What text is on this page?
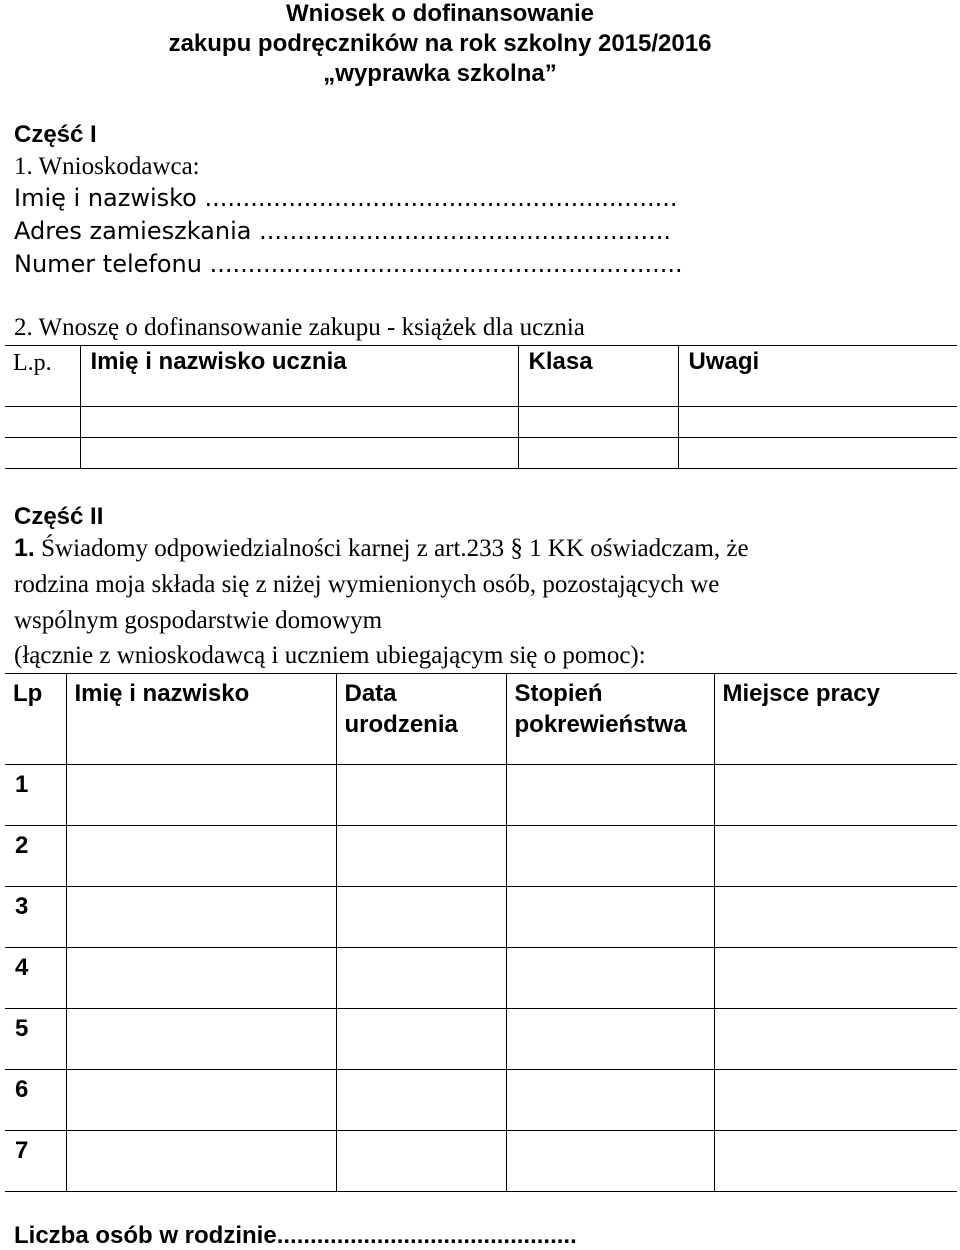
Wniosek o dofinansowanie
zakupu podręczników na rok szkolny 2015/2016
„wyprawka szkolna”
Część I
1. Wnioskodawca:
Imię i nazwisko ..............................................................
Adres zamieszkania ......................................................
Numer telefonu ..............................................................
2. Wnoszę o dofinansowanie zakupu - książek dla ucznia
L.p.	Imię i nazwisko ucznia	Klasa	Uwagi

Część II
1. Świadomy odpowiedzialności karnej z art.233 § 1 KK oświadczam, że
rodzina moja składa się z niżej wymienionych osób, pozostających we
wspólnym gospodarstwie domowym
(łącznie z wnioskodawcą i uczniem ubiegającym się o pomoc):
Lp	Imię i nazwisko	Data urodzenia	Stopień pokrewieństwa	Miejsce pracy
1				
2				
3				
4				
5				
6				
7				
Liczba osób w rodzinie.............................................
